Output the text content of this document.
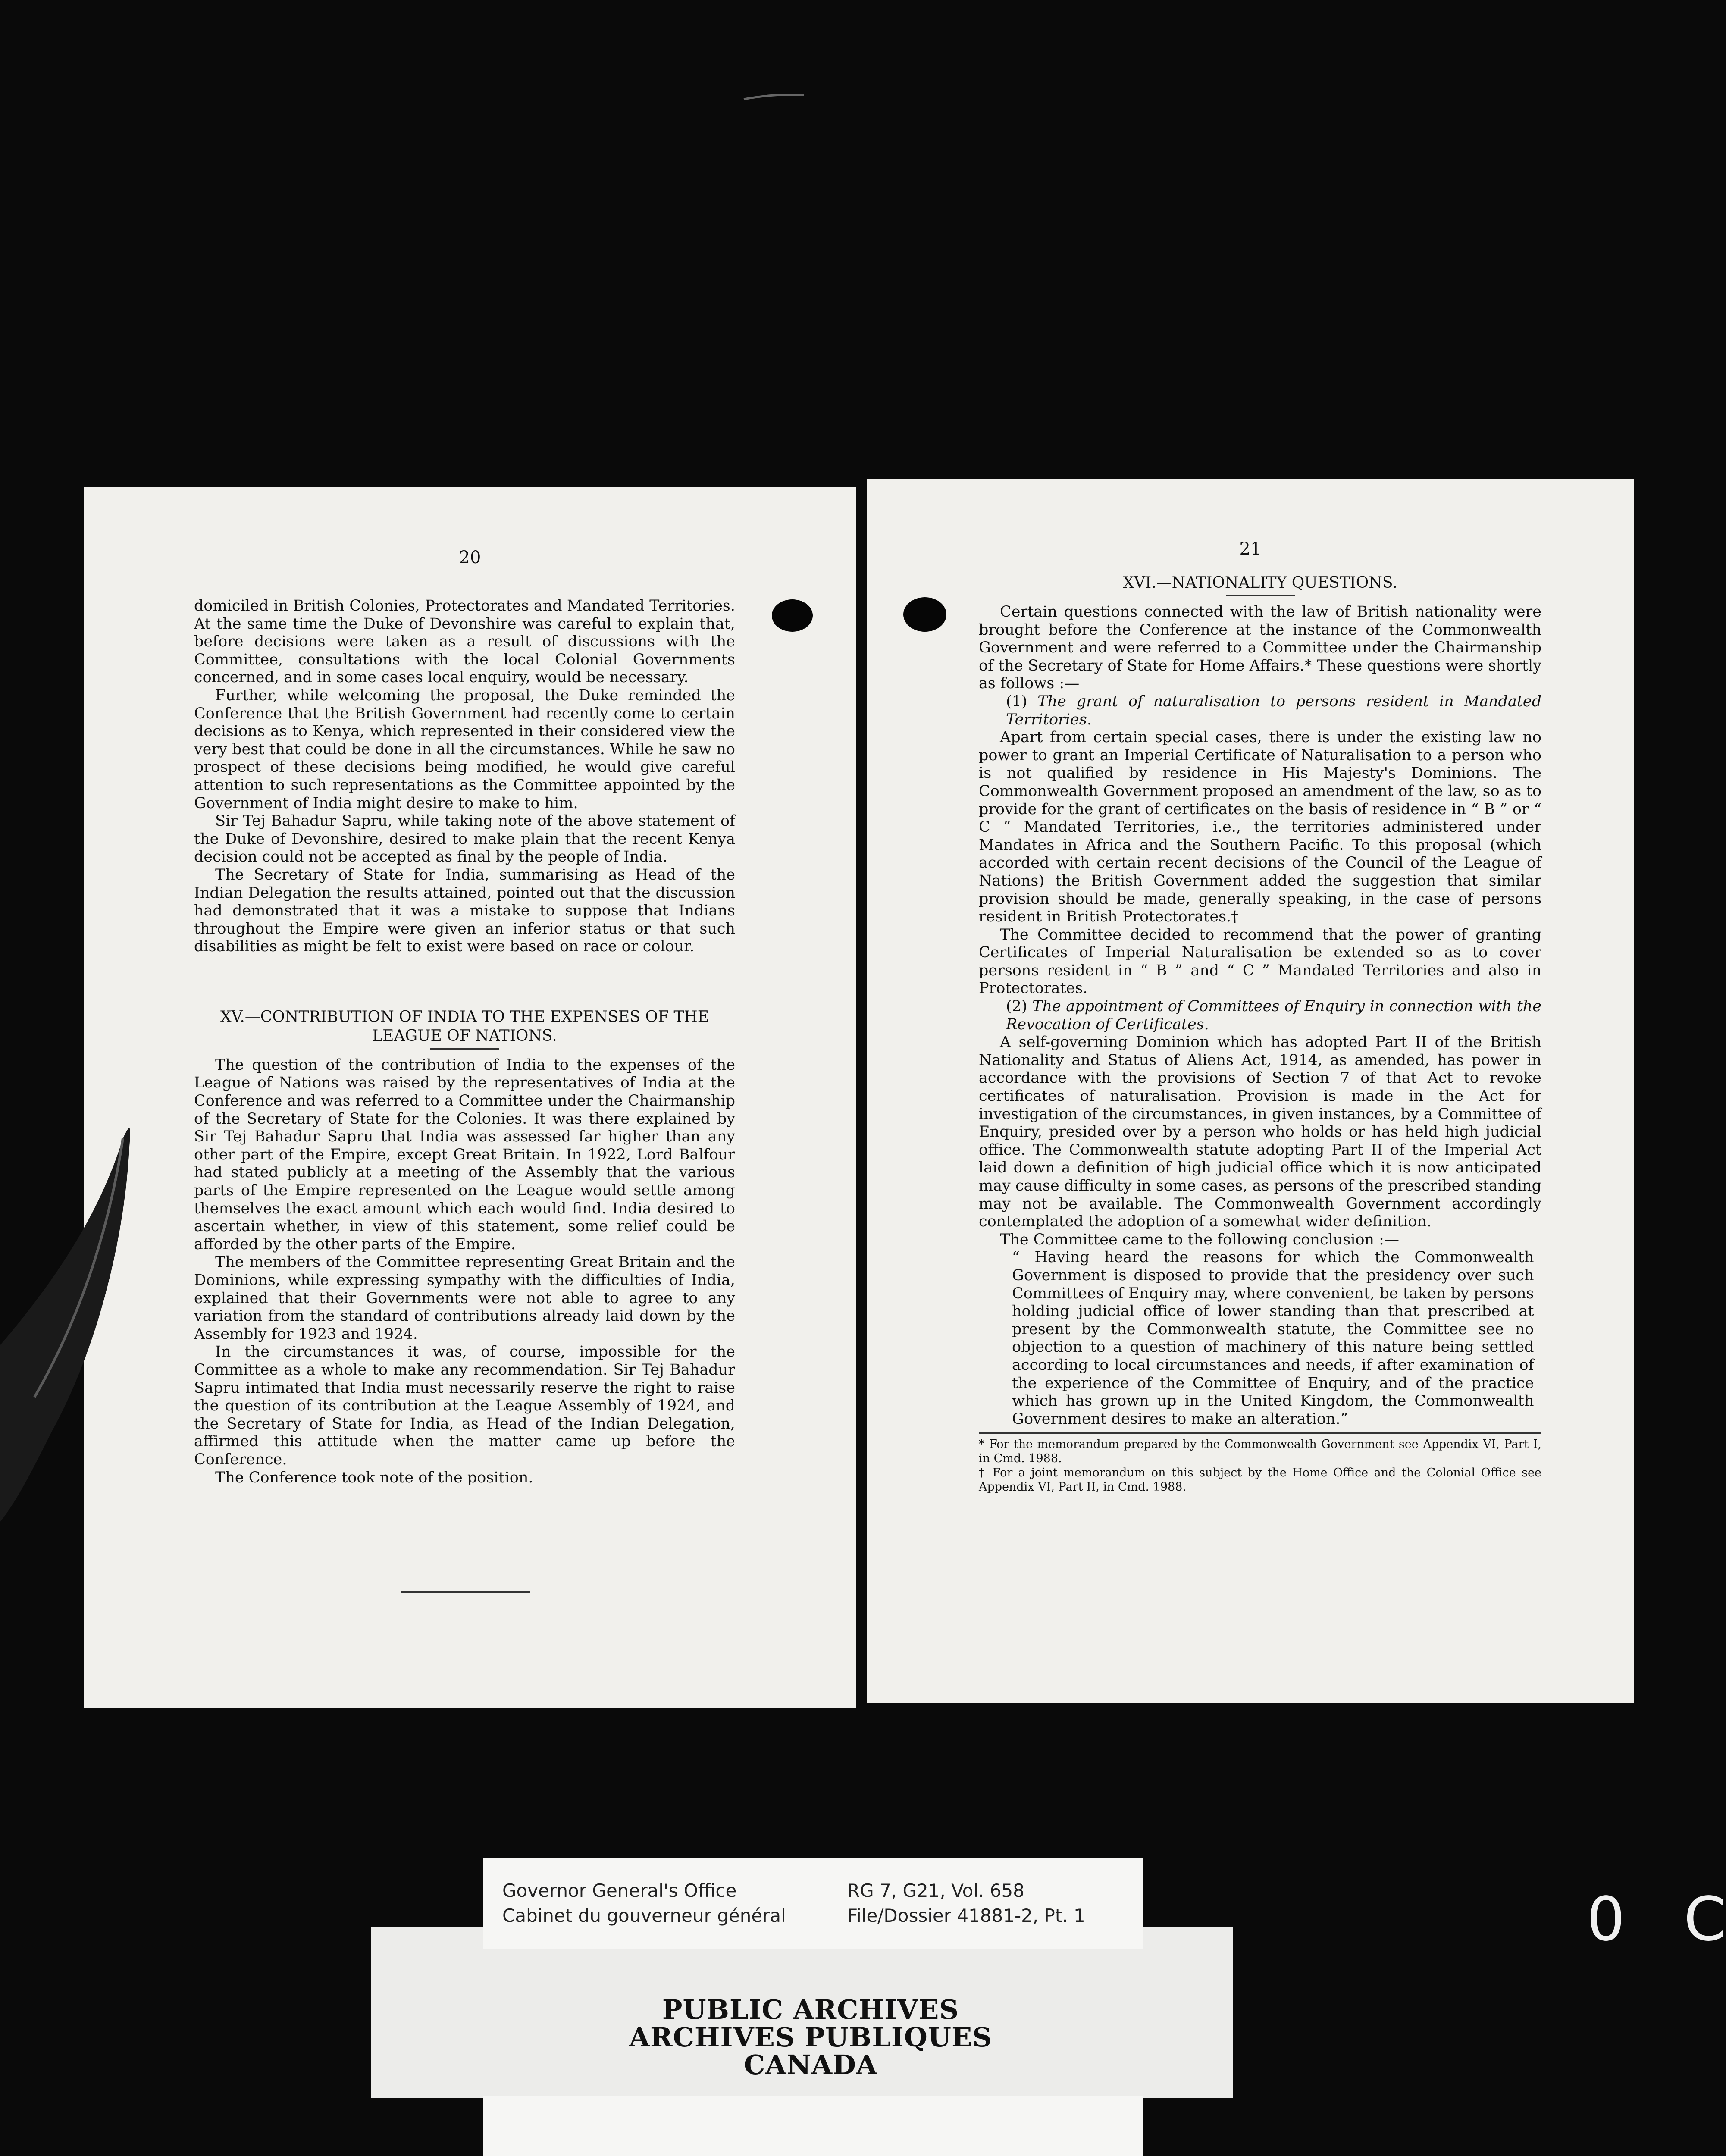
20

domiciled in British Colonies, Protectorates and Mandated Territories. At the same time the Duke of Devonshire was careful to explain that, before decisions were taken as a result of discussions with the Committee, consultations with the local Colonial Governments concerned, and in some cases local enquiry, would be necessary.

Further, while welcoming the proposal, the Duke reminded the Conference that the British Government had recently come to certain decisions as to Kenya, which represented in their considered view the very best that could be done in all the circumstances. While he saw no prospect of these decisions being modified, he would give careful attention to such representations as the Committee appointed by the Government of India might desire to make to him.

Sir Tej Bahadur Sapru, while taking note of the above statement of the Duke of Devonshire, desired to make plain that the recent Kenya decision could not be accepted as final by the people of India.

The Secretary of State for India, summarising as Head of the Indian Delegation the results attained, pointed out that the discussion had demonstrated that it was a mistake to suppose that Indians throughout the Empire were given an inferior status or that such disabilities as might be felt to exist were based on race or colour.

XV.—CONTRIBUTION OF INDIA TO THE EXPENSES OF THE

LEAGUE OF NATIONS.

The question of the contribution of India to the expenses of the League of Nations was raised by the representatives of India at the Conference and was referred to a Committee under the Chairmanship of the Secretary of State for the Colonies. It was there explained by Sir Tej Bahadur Sapru that India was assessed far higher than any other part of the Empire, except Great Britain. In 1922, Lord Balfour had stated publicly at a meeting of the Assembly that the various parts of the Empire represented on the League would settle among themselves the exact amount which each would find. India desired to ascertain whether, in view of this statement, some relief could be afforded by the other parts of the Empire.

The members of the Committee representing Great Britain and the Dominions, while expressing sympathy with the difficulties of India, explained that their Governments were not able to agree to any variation from the standard of contributions already laid down by the Assembly for 1923 and 1924.

In the circumstances it was, of course, impossible for the Committee as a whole to make any recommendation. Sir Tej Bahadur Sapru intimated that India must necessarily reserve the right to raise the question of its contribution at the League Assembly of 1924, and the Secretary of State for India, as Head of the Indian Delegation, affirmed this attitude when the matter came up before the Conference.

The Conference took note of the position.

21

XVI.—NATIONALITY QUESTIONS.

Certain questions connected with the law of British nationality were brought before the Conference at the instance of the Commonwealth Government and were referred to a Committee under the Chairmanship of the Secretary of State for Home Affairs.* These questions were shortly as follows :—

(1) The grant of naturalisation to persons resident in Mandated Territories.

Apart from certain special cases, there is under the existing law no power to grant an Imperial Certificate of Naturalisation to a person who is not qualified by residence in His Majesty's Dominions. The Commonwealth Government proposed an amendment of the law, so as to provide for the grant of certificates on the basis of residence in “ B ” or “ C ” Mandated Territories, i.e., the territories administered under Mandates in Africa and the Southern Pacific. To this proposal (which accorded with certain recent decisions of the Council of the League of Nations) the British Government added the suggestion that similar provision should be made, generally speaking, in the case of persons resident in British Protectorates.†

The Committee decided to recommend that the power of granting Certificates of Imperial Naturalisation be extended so as to cover persons resident in “ B ” and “ C ” Mandated Territories and also in Protectorates.

(2) The appointment of Committees of Enquiry in connection with the Revocation of Certificates.

A self-governing Dominion which has adopted Part II of the British Nationality and Status of Aliens Act, 1914, as amended, has power in accordance with the provisions of Section 7 of that Act to revoke certificates of naturalisation. Provision is made in the Act for investigation of the circumstances, in given instances, by a Committee of Enquiry, presided over by a person who holds or has held high judicial office. The Commonwealth statute adopting Part II of the Imperial Act laid down a definition of high judicial office which it is now anticipated may cause difficulty in some cases, as persons of the prescribed standing may not be available. The Commonwealth Government accordingly contemplated the adoption of a somewhat wider definition.

The Committee came to the following conclusion :—

“ Having heard the reasons for which the Commonwealth Government is disposed to provide that the presidency over such Committees of Enquiry may, where convenient, be taken by persons holding judicial office of lower standing than that prescribed at present by the Commonwealth statute, the Committee see no objection to a question of machinery of this nature being settled according to local circumstances and needs, if after examination of the experience of the Committee of Enquiry, and of the practice which has grown up in the United Kingdom, the Commonwealth Government desires to make an alteration.”

* For the memorandum prepared by the Commonwealth Government see Appendix VI, Part I, in Cmd. 1988.

† For a joint memorandum on this subject by the Home Office and the Colonial Office see Appendix VI, Part II, in Cmd. 1988.

Governor General's Office
Cabinet du gouverneur général
RG 7, G21, Vol. 658
File/Dossier 41881-2, Pt. 1
PUBLIC ARCHIVES
ARCHIVES PUBLIQUES
CANADA
0 C
